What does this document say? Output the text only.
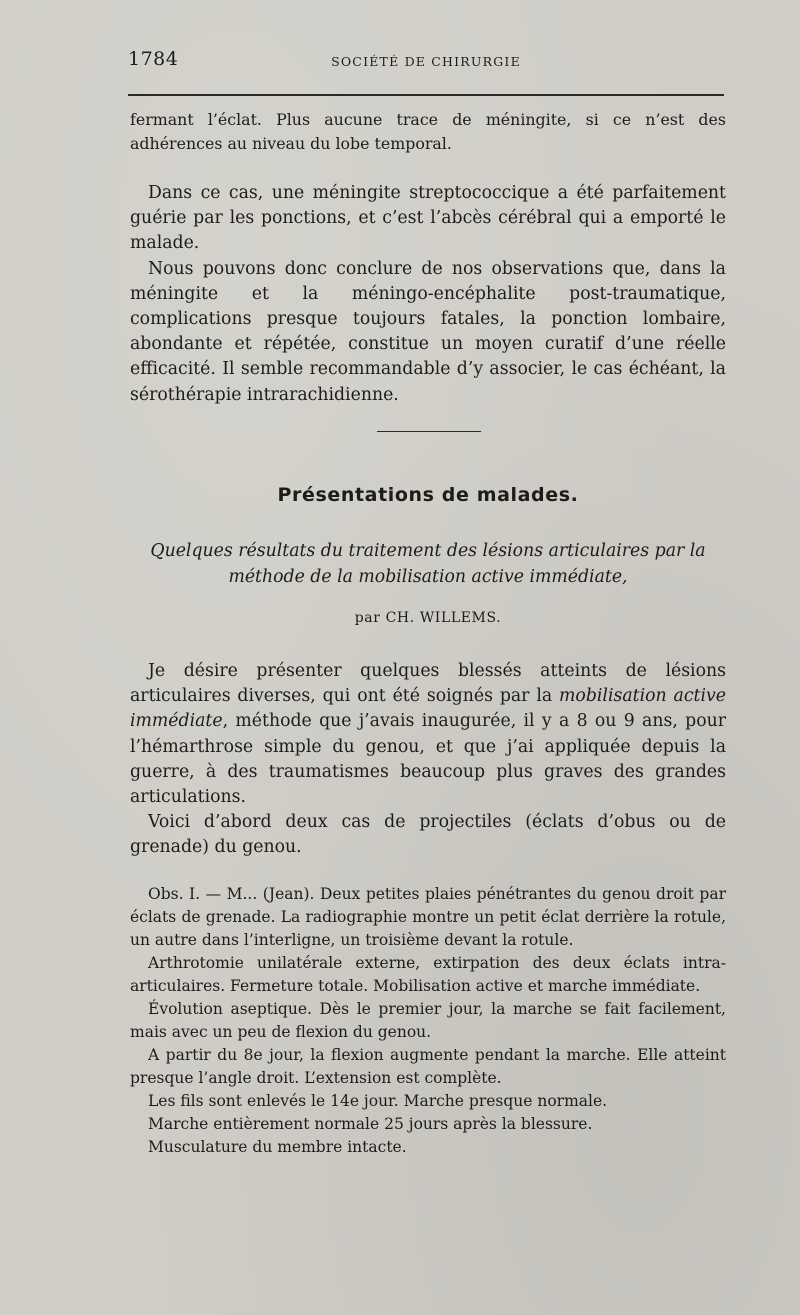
1784	SOCIÉTÉ DE CHIRURGIE

fermant l’éclat. Plus aucune trace de méningite, si ce n’est des adhérences au niveau du lobe temporal.

Dans ce cas, une méningite streptococcique a été parfaitement guérie par les ponctions, et c’est l’abcès cérébral qui a emporté le malade.

Nous pouvons donc conclure de nos observations que, dans la méningite et la méningo-encéphalite post-traumatique, complications presque toujours fatales, la ponction lombaire, abondante et répétée, constitue un moyen curatif d’une réelle efficacité. Il semble recommandable d’y associer, le cas échéant, la sérothérapie intrarachidienne.

Présentations de malades.
Quelques résultats du traitement des lésions articulaires par la méthode de la mobilisation active immédiate,
par CH. WILLEMS.

Je désire présenter quelques blessés atteints de lésions articulaires diverses, qui ont été soignés par la mobilisation active immédiate, méthode que j’avais inaugurée, il y a 8 ou 9 ans, pour l’hémarthrose simple du genou, et que j’ai appliquée depuis la guerre, à des traumatismes beaucoup plus graves des grandes articulations.

Voici d’abord deux cas de projectiles (éclats d’obus ou de grenade) du genou.

Obs. I. — M... (Jean). Deux petites plaies pénétrantes du genou droit par éclats de grenade. La radiographie montre un petit éclat derrière la rotule, un autre dans l’interligne, un troisième devant la rotule.

Arthrotomie unilatérale externe, extirpation des deux éclats intra-articulaires. Fermeture totale. Mobilisation active et marche immédiate.

Évolution aseptique. Dès le premier jour, la marche se fait facilement, mais avec un peu de flexion du genou.

A partir du 8e jour, la flexion augmente pendant la marche. Elle atteint presque l’angle droit. L’extension est complète.

Les fils sont enlevés le 14e jour. Marche presque normale.

Marche entièrement normale 25 jours après la blessure.

Musculature du membre intacte.
